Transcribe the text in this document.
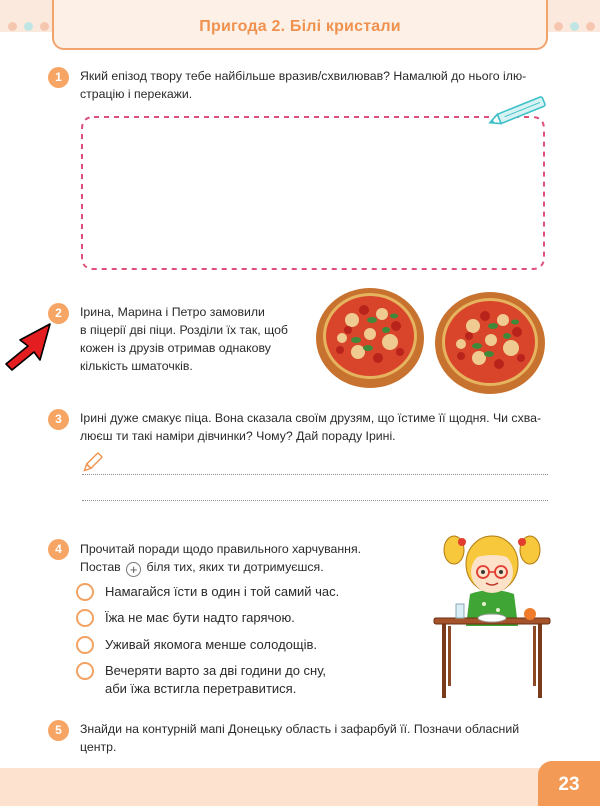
Пригода 2. Білі кристали
1	Який епізод твору тебе найбільше вразив/схвилював? Намалюй до нього ілю-
страцію і перекажи.
2	Ірина, Марина і Петро замовили
в піцерії дві піци. Розділи їх так, щоб
кожен із друзів отримав однакову
кількість шматочків.
3	Ірині дуже смакує піца. Вона сказала своїм друзям, що їстиме її щодня. Чи схва-
люєш ти такі наміри дівчинки? Чому? Дай пораду Ірині.
4	Прочитай поради щодо правильного харчування.
Постав + біля тих, яких ти дотримуєшся.
Намагайся їсти в один і той самий час.
Їжа не має бути надто гарячою.
Уживай якомога менше солодощів.
Вечеряти варто за дві години до сну,
аби їжа встигла перетравитися.
5	Знайди на контурній мапі Донецьку область і зафарбуй її. Позначи обласний
центр.
23
